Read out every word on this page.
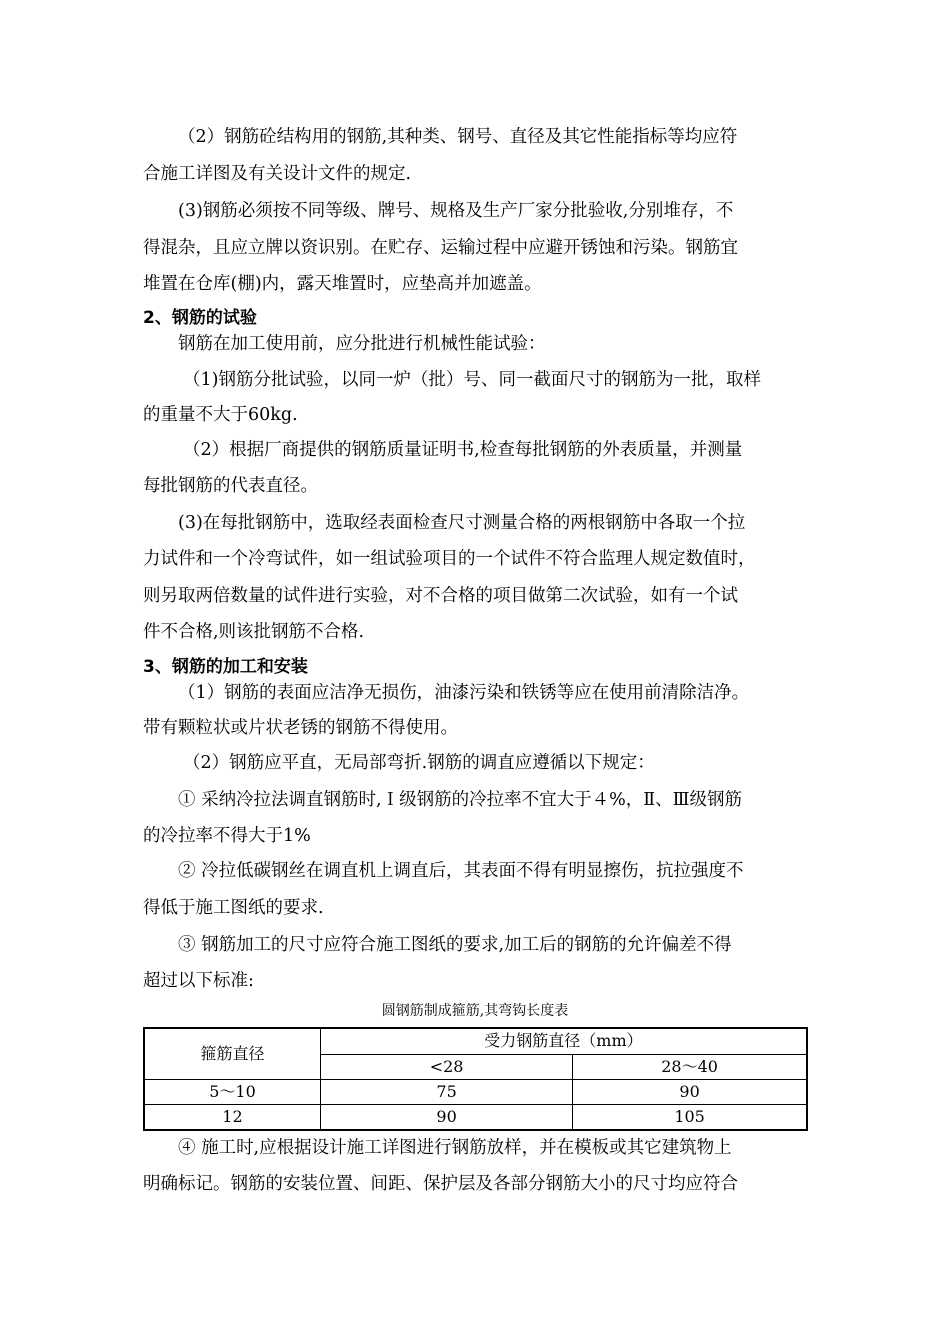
（2）钢筋砼结构用的钢筋,其种类、钢号、直径及其它性能指标等均应符
合施工详图及有关设计文件的规定.
(3)钢筋必须按不同等级、牌号、规格及生产厂家分批验收,分别堆存，不
得混杂，且应立牌以资识别。在贮存、运输过程中应避开锈蚀和污染。钢筋宜
堆置在仓库(棚)内，露天堆置时，应垫高并加遮盖。
2、钢筋的试验
钢筋在加工使用前，应分批进行机械性能试验：
（1)钢筋分批试验，以同一炉（批）号、同一截面尺寸的钢筋为一批，取样
的重量不大于60kg.
（2）根据厂商提供的钢筋质量证明书,检查每批钢筋的外表质量，并测量
每批钢筋的代表直径。
(3)在每批钢筋中，选取经表面检查尺寸测量合格的两根钢筋中各取一个拉
力试件和一个冷弯试件，如一组试验项目的一个试件不符合监理人规定数值时，
则另取两倍数量的试件进行实验，对不合格的项目做第二次试验，如有一个试
件不合格,则该批钢筋不合格.
3、钢筋的加工和安装
（1）钢筋的表面应洁净无损伤，油漆污染和铁锈等应在使用前清除洁净。
带有颗粒状或片状老锈的钢筋不得使用。
（2）钢筋应平直，无局部弯折.钢筋的调直应遵循以下规定：
① 采纳冷拉法调直钢筋时,Ｉ级钢筋的冷拉率不宜大于４%，Ⅱ、Ⅲ级钢筋
的冷拉率不得大于1%
② 冷拉低碳钢丝在调直机上调直后，其表面不得有明显擦伤，抗拉强度不
得低于施工图纸的要求.
③ 钢筋加工的尺寸应符合施工图纸的要求,加工后的钢筋的允许偏差不得
超过以下标准:
圆钢筋制成箍筋,其弯钩长度表
箍筋直径	受力钢筋直径（mm）	
	<28	28～40
5～10	75	90
12	90	105
④ 施工时,应根据设计施工详图进行钢筋放样，并在模板或其它建筑物上
明确标记。钢筋的安装位置、间距、保护层及各部分钢筋大小的尺寸均应符合
